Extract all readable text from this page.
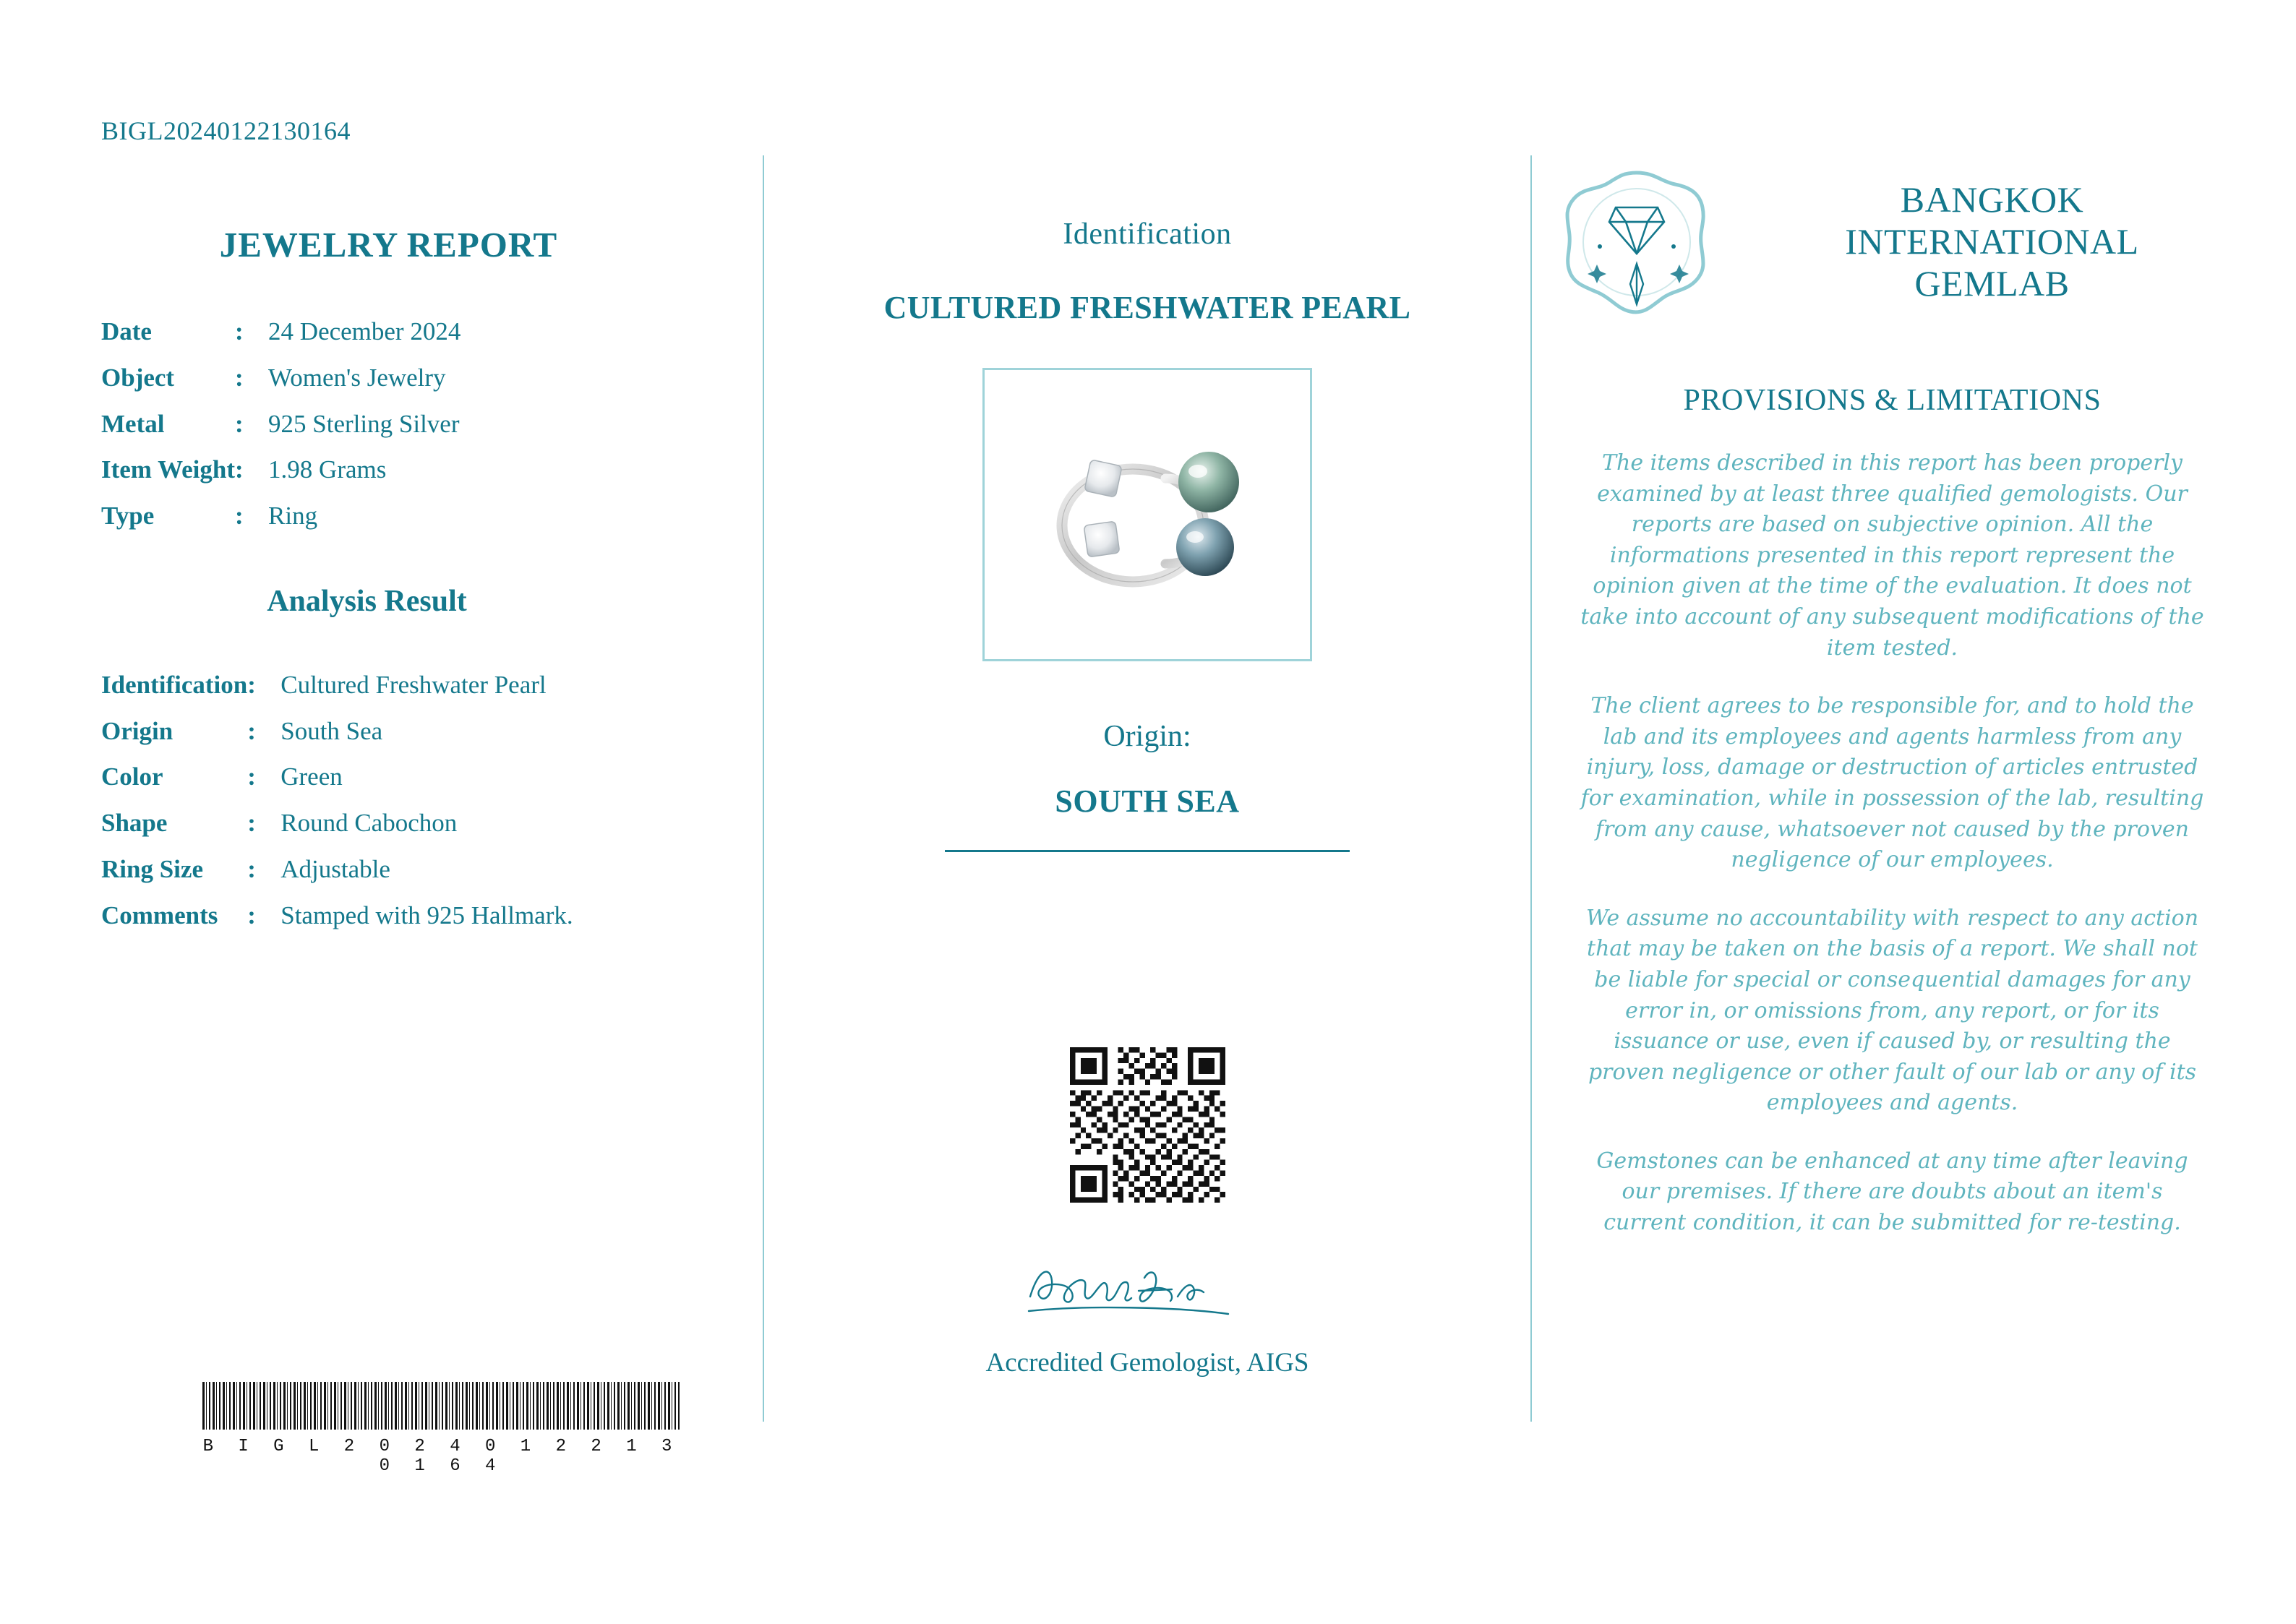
BIGL20240122130164
JEWELRY REPORT
Date	:	24 December 2024
Object	:	Women's Jewelry
Metal	:	925 Sterling Silver
Item Weight	:	1.98 Grams
Type	:	Ring
Analysis Result
Identification	:	Cultured Freshwater Pearl
Origin	:	South Sea
Color	:	Green
Shape	:	Round Cabochon
Ring Size	:	Adjustable
Comments	:	Stamped with 925 Hallmark.
B I G L 2 0 2 4 0 1 2 2 1 3 0 1 6 4
Identification
CULTURED FRESHWATER PEARL
Origin:
SOUTH SEA
Accredited Gemologist, AIGS
BANGKOK
INTERNATIONAL
GEMLAB
PROVISIONS & LIMITATIONS

The items described in this report has been properly examined by at least three qualified gemologists. Our reports are based on subjective opinion. All the informations presented in this report represent the opinion given at the time of the evaluation. It does not take into account of any subsequent modifications of the item tested.

The client agrees to be responsible for, and to hold the lab and its employees and agents harmless from any injury, loss, damage or destruction of articles entrusted for examination, while in possession of the lab, resulting from any cause, whatsoever not caused by the proven negligence of our employees.

We assume no accountability with respect to any action that may be taken on the basis of a report. We shall not be liable for special or consequential damages for any error in, or omissions from, any report, or for its issuance or use, even if caused by, or resulting the proven negligence or other fault of our lab or any of its employees and agents.

Gemstones can be enhanced at any time after leaving our premises. If there are doubts about an item's current condition, it can be submitted for re-testing.
